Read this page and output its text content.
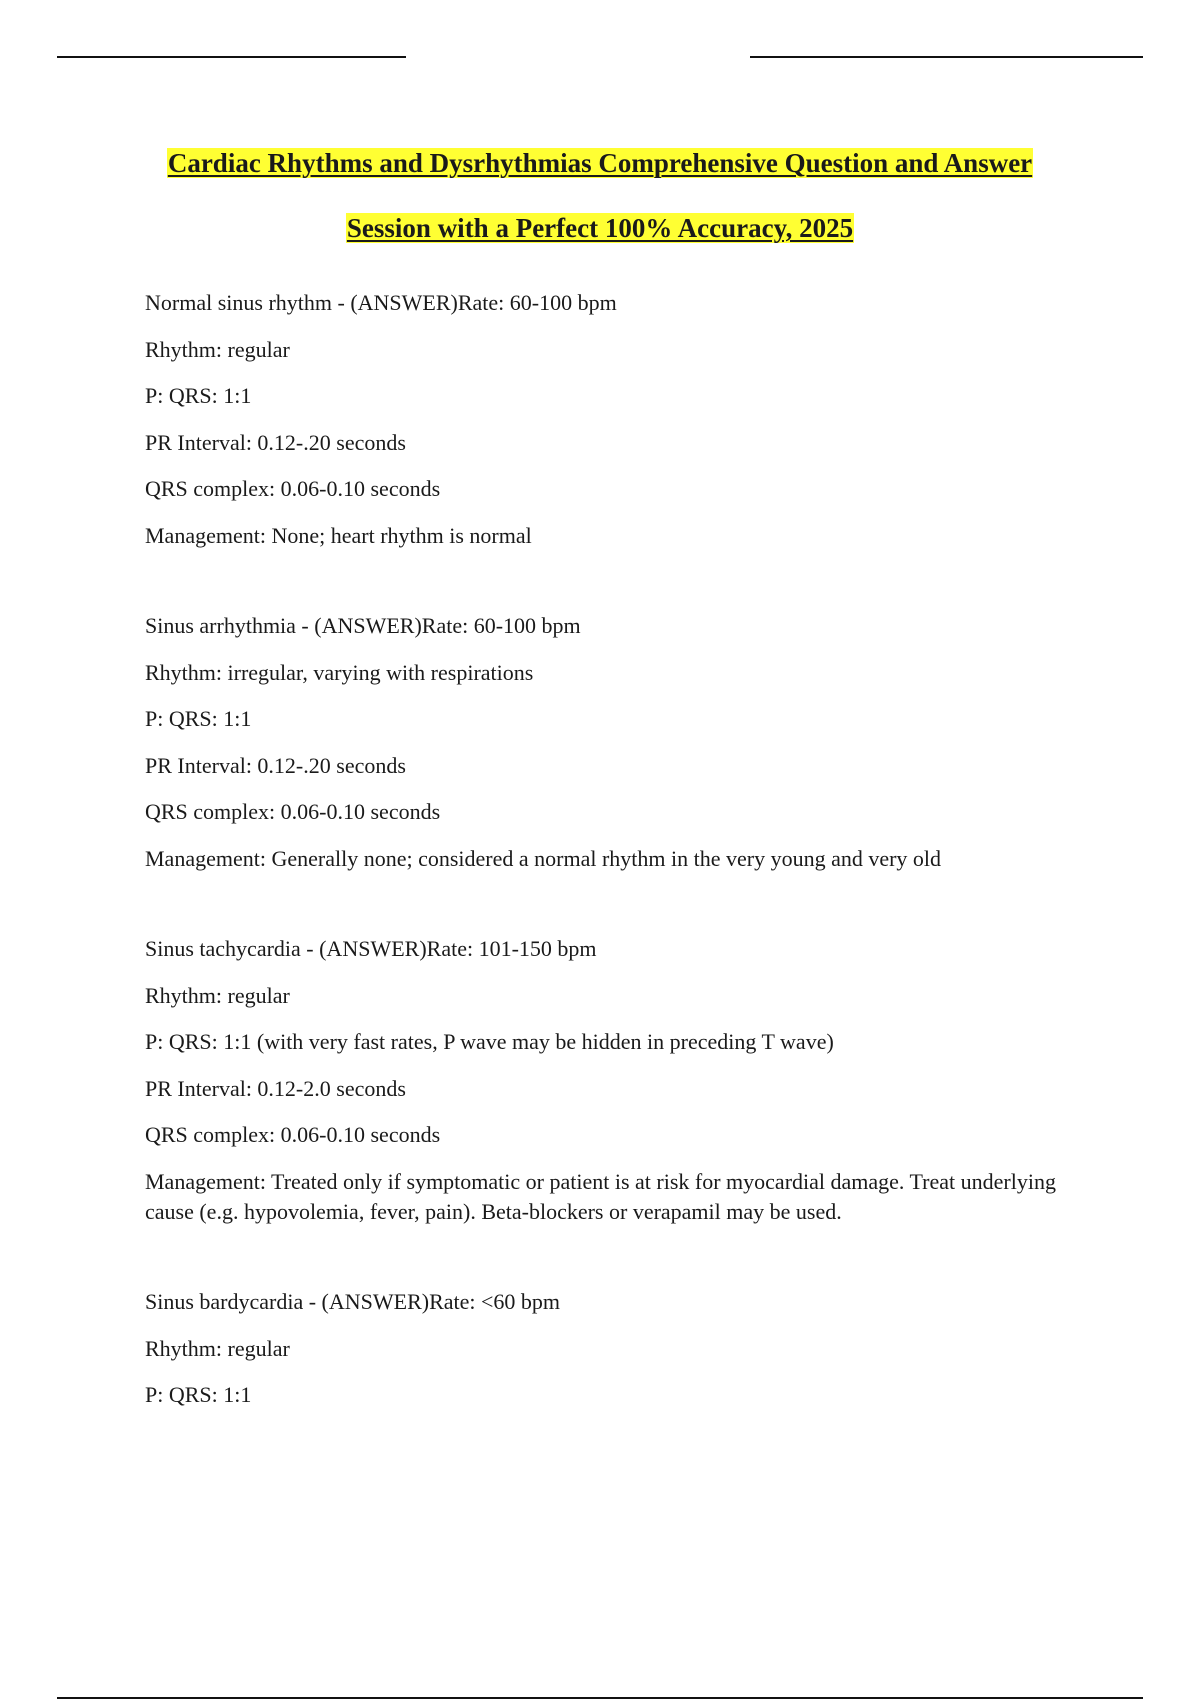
Cardiac Rhythms and Dysrhythmias Comprehensive Question and Answer
Session with a Perfect 100% Accuracy, 2025
Normal sinus rhythm - (ANSWER)Rate: 60-100 bpm
Rhythm: regular
P: QRS: 1:1
PR Interval: 0.12-.20 seconds
QRS complex: 0.06-0.10 seconds
Management: None; heart rhythm is normal
Sinus arrhythmia - (ANSWER)Rate: 60-100 bpm
Rhythm: irregular, varying with respirations
P: QRS: 1:1
PR Interval: 0.12-.20 seconds
QRS complex: 0.06-0.10 seconds
Management: Generally none; considered a normal rhythm in the very young and very old
Sinus tachycardia - (ANSWER)Rate: 101-150 bpm
Rhythm: regular
P: QRS: 1:1 (with very fast rates, P wave may be hidden in preceding T wave)
PR Interval: 0.12-2.0 seconds
QRS complex: 0.06-0.10 seconds
Management: Treated only if symptomatic or patient is at risk for myocardial damage. Treat underlying cause (e.g. hypovolemia, fever, pain). Beta-blockers or verapamil may be used.
Sinus bardycardia - (ANSWER)Rate: <60 bpm
Rhythm: regular
P: QRS: 1:1
